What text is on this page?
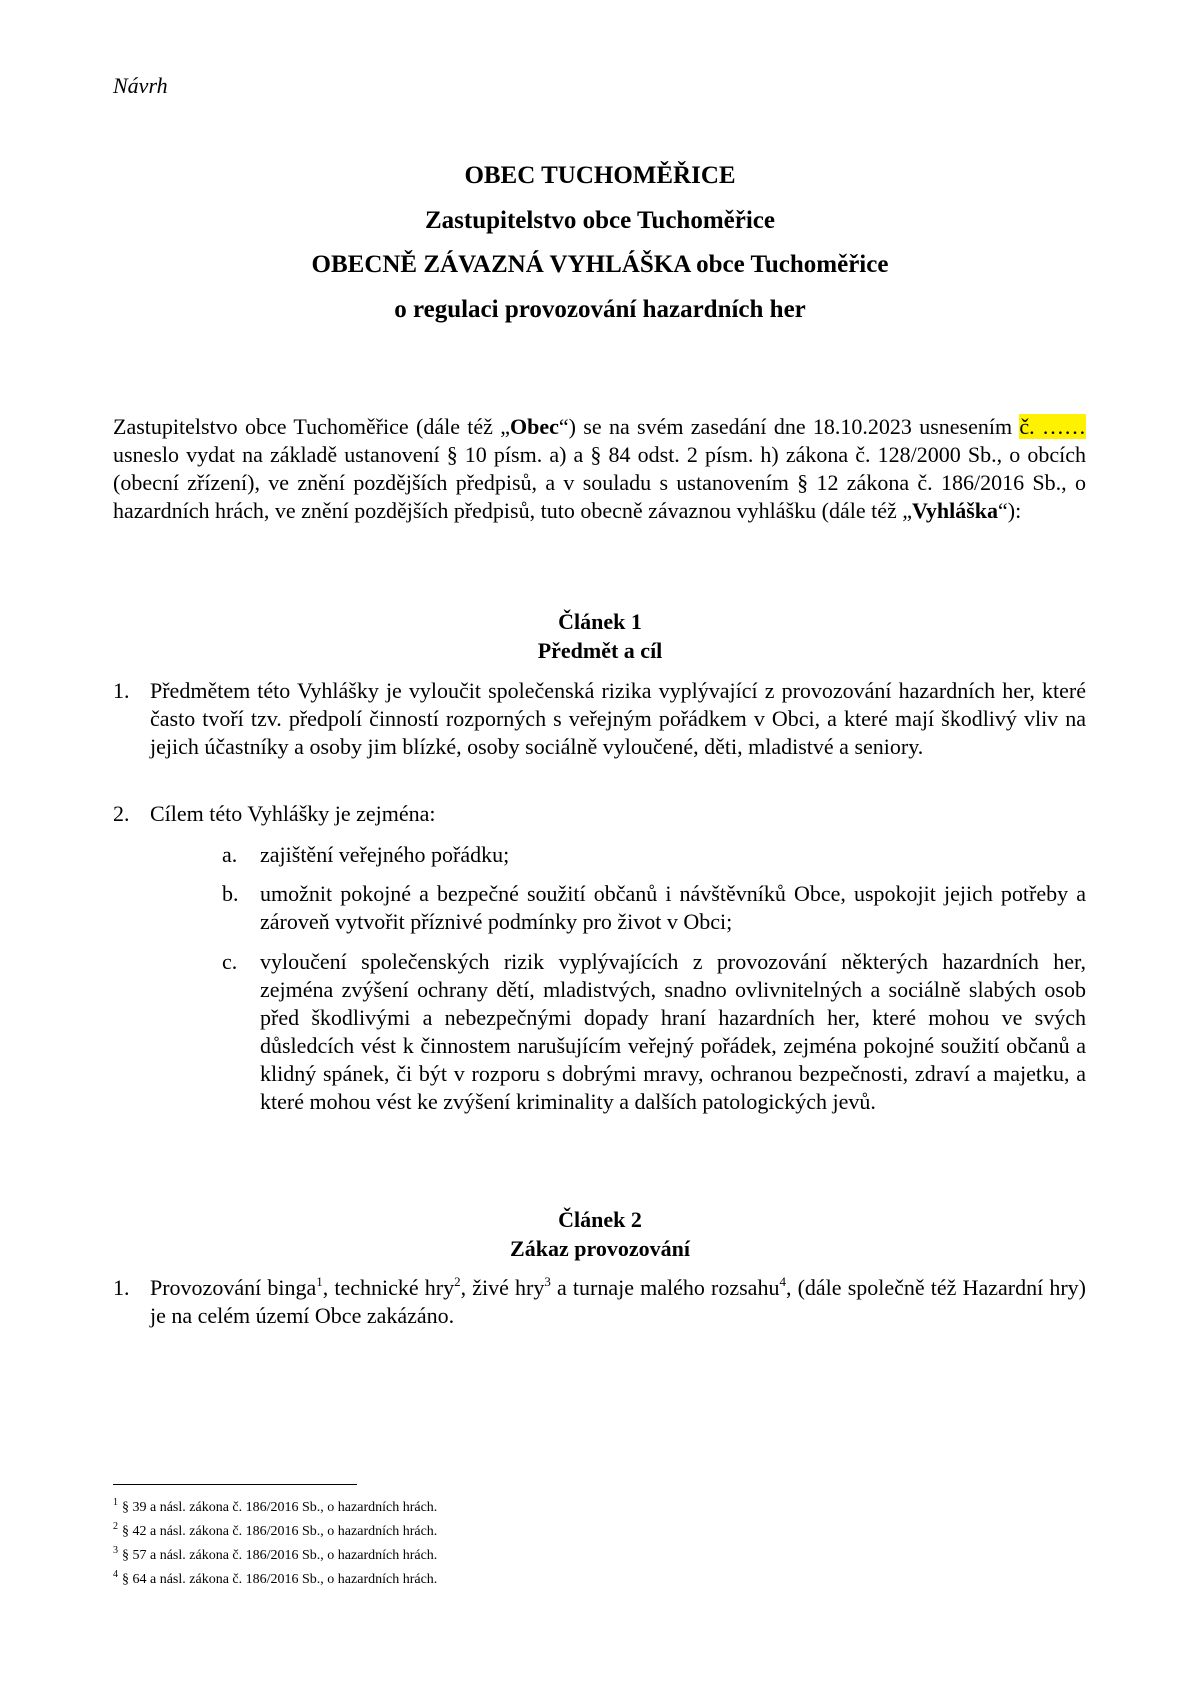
Návrh
OBEC TUCHOMĚŘICE
Zastupitelstvo obce Tuchoměřice
OBECNĚ ZÁVAZNÁ VYHLÁŠKA obce Tuchoměřice
o regulaci provozování hazardních her
Zastupitelstvo obce Tuchoměřice (dále též „Obec“) se na svém zasedání dne 18.10.2023 usnesením č. …… usneslo vydat na základě ustanovení § 10 písm. a) a § 84 odst. 2 písm. h) zákona č. 128/2000 Sb., o obcích (obecní zřízení), ve znění pozdějších předpisů, a v souladu s ustanovením § 12 zákona č. 186/2016 Sb., o hazardních hrách, ve znění pozdějších předpisů, tuto obecně závaznou vyhlášku (dále též „Vyhláška“):
Článek 1
Předmět a cíl
1. Předmětem této Vyhlášky je vyloučit společenská rizika vyplývající z provozování hazardních her, které často tvoří tzv. předpolí činností rozporných s veřejným pořádkem v Obci, a které mají škodlivý vliv na jejich účastníky a osoby jim blízké, osoby sociálně vyloučené, děti, mladistvé a seniory.
2. Cílem této Vyhlášky je zejména:
a. zajištění veřejného pořádku;
b. umožnit pokojné a bezpečné soužití občanů i návštěvníků Obce, uspokojit jejich potřeby a zároveň vytvořit příznivé podmínky pro život v Obci;
c. vyloučení společenských rizik vyplývajících z provozování některých hazardních her, zejména zvýšení ochrany dětí, mladistvých, snadno ovlivnitelných a sociálně slabých osob před škodlivými a nebezpečnými dopady hraní hazardních her, které mohou ve svých důsledcích vést k činnostem narušujícím veřejný pořádek, zejména pokojné soužití občanů a klidný spánek, či být v rozporu s dobrými mravy, ochranou bezpečnosti, zdraví a majetku, a které mohou vést ke zvýšení kriminality a dalších patologických jevů.
Článek 2
Zákaz provozování
1. Provozování binga$^1$, technické hry$^2$, živé hry$^3$ a turnaje malého rozsahu$^4$, (dále společně též Hazardní hry) je na celém území Obce zakázáno.
$^1$ § 39 a násl. zákona č. 186/2016 Sb., o hazardních hrách.
$^2$ § 42 a násl. zákona č. 186/2016 Sb., o hazardních hrách.
$^3$ § 57 a násl. zákona č. 186/2016 Sb., o hazardních hrách.
$^4$ § 64 a násl. zákona č. 186/2016 Sb., o hazardních hrách.
